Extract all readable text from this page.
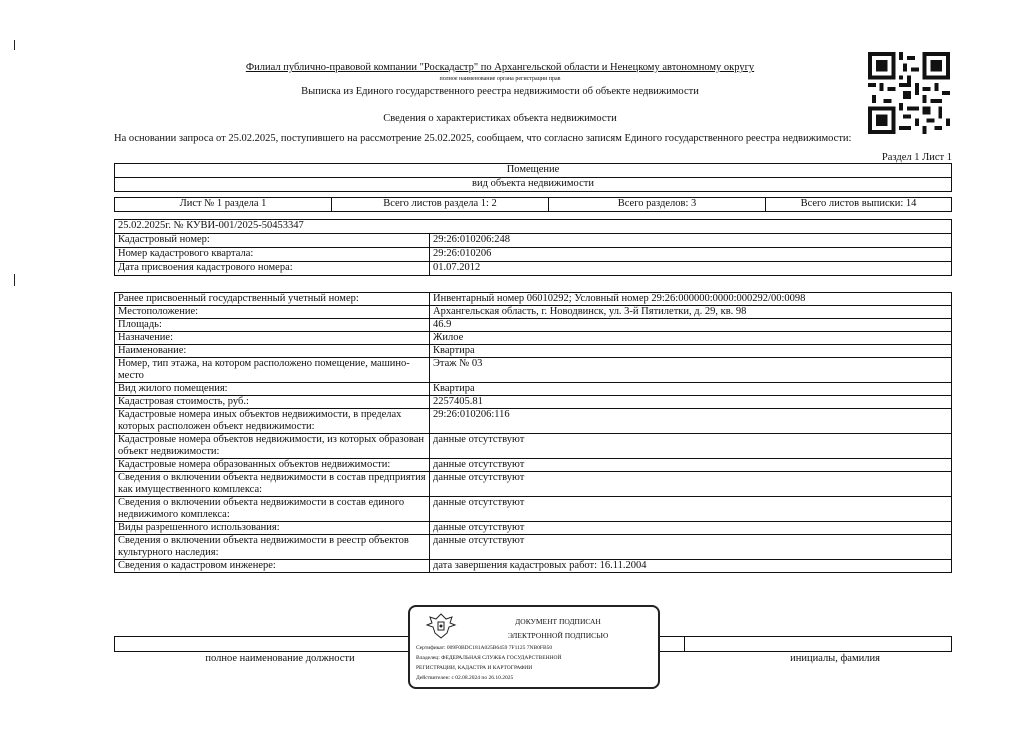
Филиал публично-правовой компании "Роскадастр" по Архангельской области и Ненецкому автономному округу
полное наименование органа регистрации прав
Выписка из Единого государственного реестра недвижимости об объекте недвижимости
Сведения о характеристиках объекта недвижимости
На основании запроса от 25.02.2025, поступившего на рассмотрение 25.02.2025, сообщаем, что согласно записям Единого государственного реестра недвижимости:
Раздел 1 Лист 1
Помещение
вид объекта недвижимости
Лист № 1 раздела 1	Всего листов раздела 1: 2	Всего разделов: 3	Всего листов выписки: 14
25.02.2025г. № КУВИ-001/2025-50453347	
Кадастровый номер:	29:26:010206:248
Номер кадастрового квартала:	29:26:010206
Дата присвоения кадастрового номера:	01.07.2012
Ранее присвоенный государственный учетный номер:	Инвентарный номер 06010292; Условный номер 29:26:000000:0000:000292/00:0098
Местоположение:	Архангельская область, г. Новодвинск, ул. 3-й Пятилетки, д. 29, кв. 98
Площадь:	46.9
Назначение:	Жилое
Наименование:	Квартира
Номер, тип этажа, на котором расположено помещение, машино-место	Этаж № 03
Вид жилого помещения:	Квартира
Кадастровая стоимость, руб.:	2257405.81
Кадастровые номера иных объектов недвижимости, в пределах которых расположен объект недвижимости:	29:26:010206:116
Кадастровые номера объектов недвижимости, из которых образован объект недвижимости:	данные отсутствуют
Кадастровые номера образованных объектов недвижимости:	данные отсутствуют
Сведения о включении объекта недвижимости в состав предприятия как имущественного комплекса:	данные отсутствуют
Сведения о включении объекта недвижимости в состав единого недвижимого комплекса:	данные отсутствуют
Виды разрешенного использования:	данные отсутствуют
Сведения о включении объекта недвижимости в реестр объектов культурного наследия:	данные отсутствуют
Сведения о кадастровом инженере:	дата завершения кадастровых работ: 16.11.2004

полное наименование должности	инициалы, фамилия
ДОКУМЕНТ ПОДПИСАН
ЭЛЕКТРОННОЙ ПОДПИСЬЮ
Сертификат: 009F0BDC181A025B6459 7F1125 7NB0FB50
Владелец: ФЕДЕРАЛЬНАЯ СЛУЖБА ГОСУДАРСТВЕННОЙ
РЕГИСТРАЦИИ, КАДАСТРА И КАРТОГРАФИИ
Действителен: с 02.08.2024 по 26.10.2025
